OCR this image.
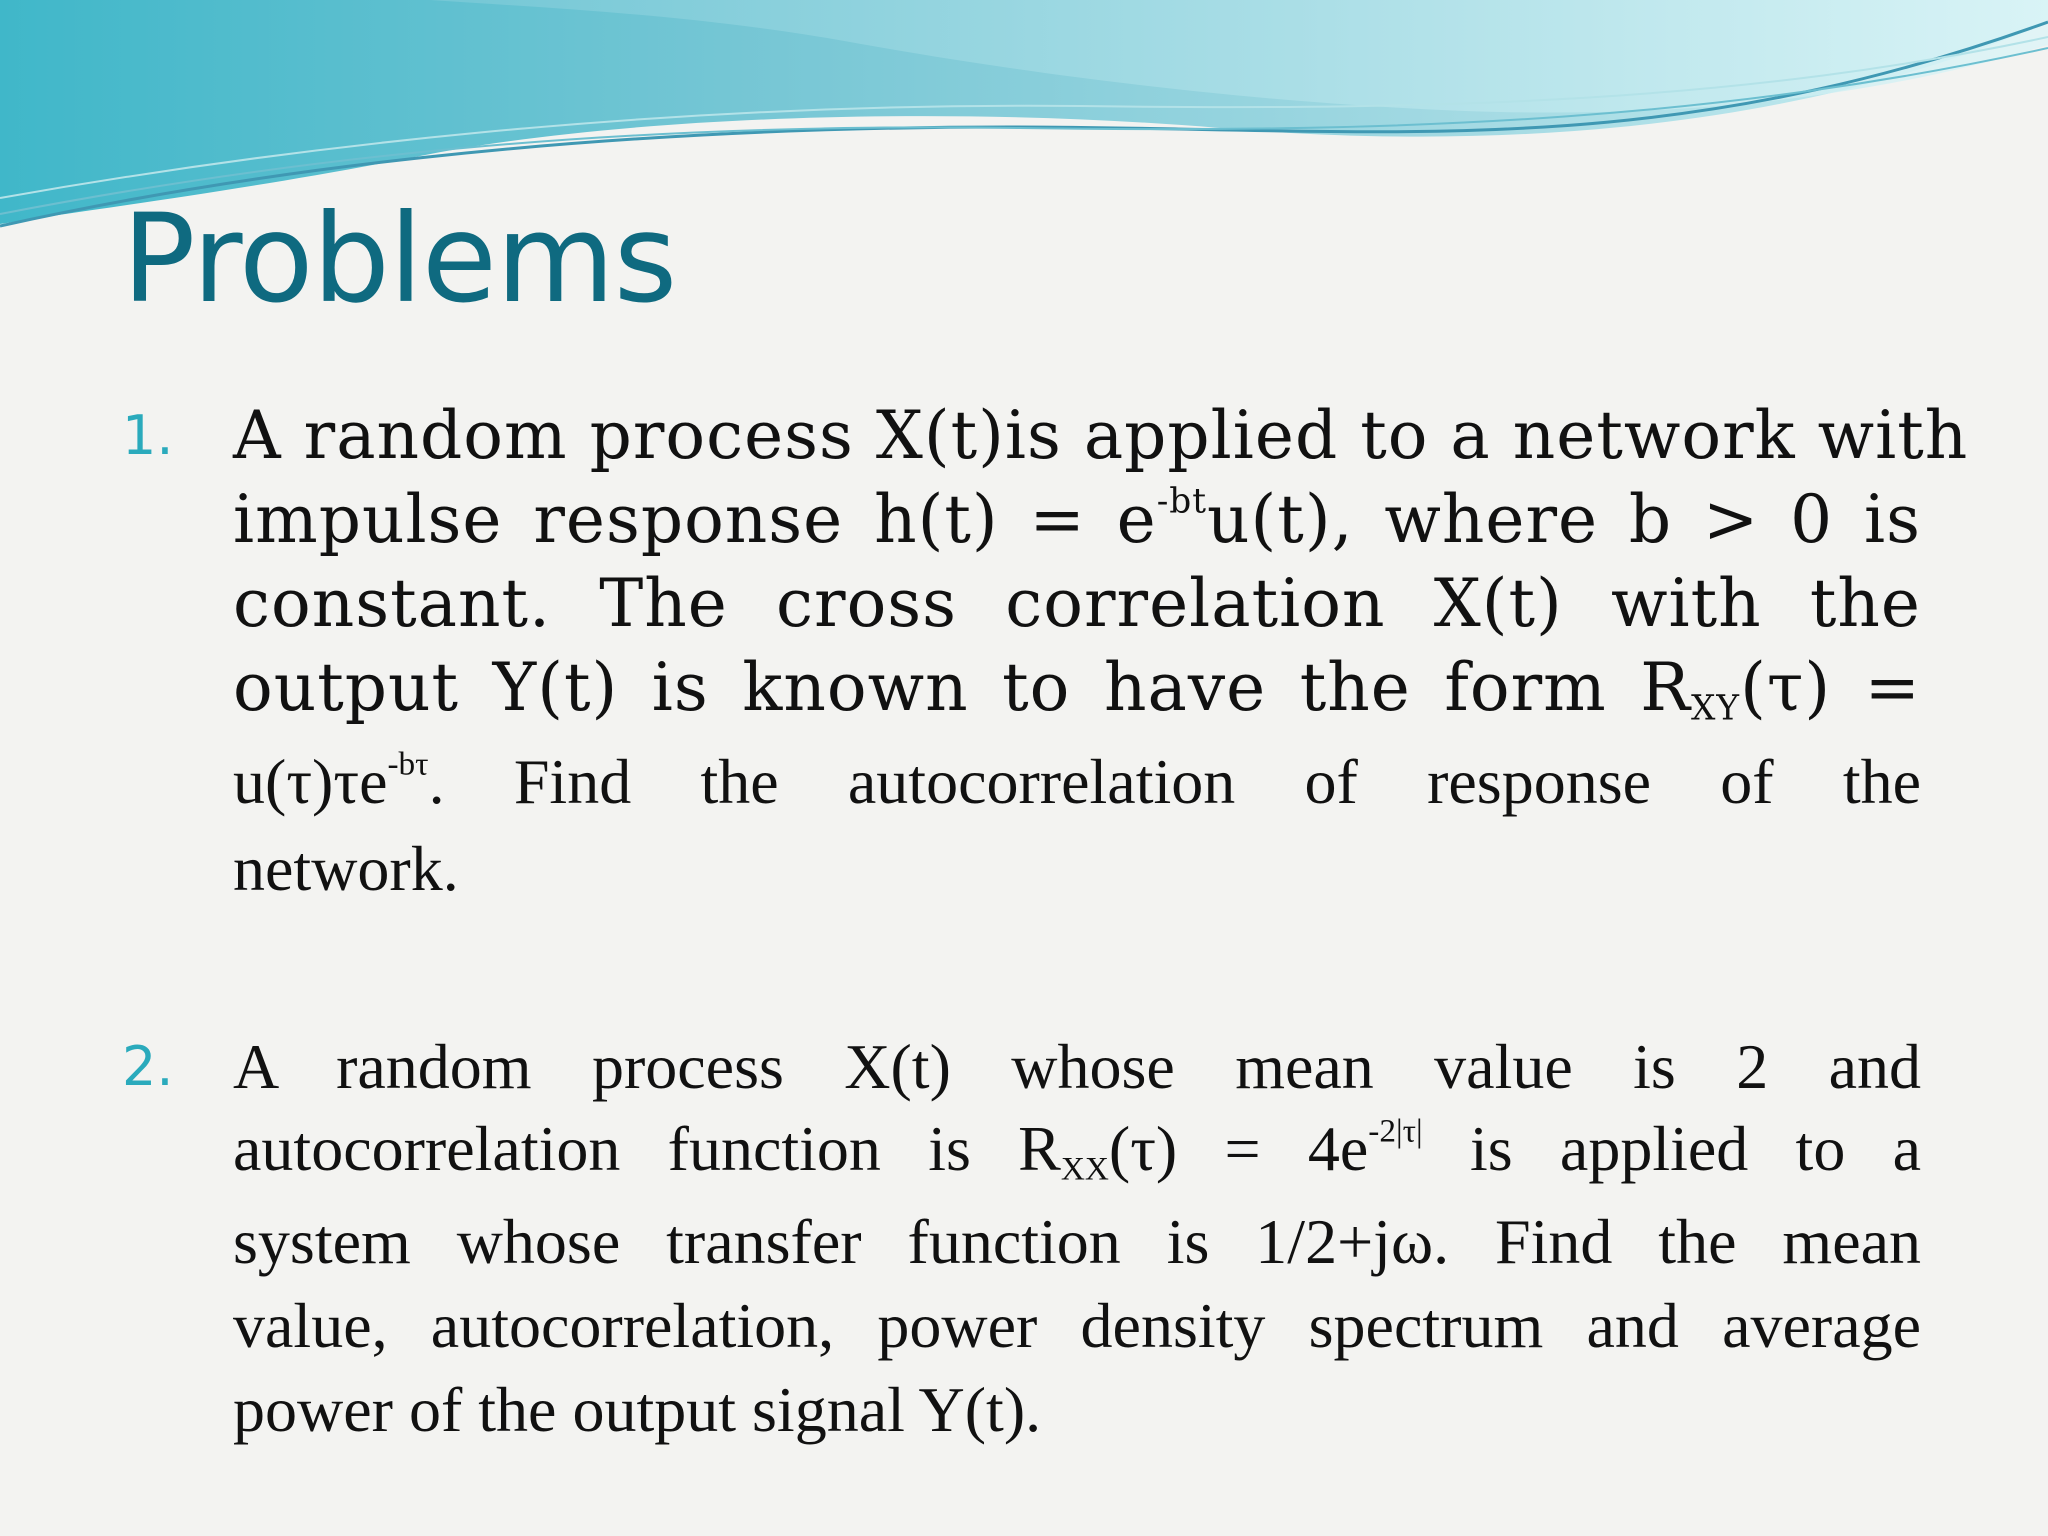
Problems
1. A random process X(t)is applied to a network with

impulse response $h(t) = e^{-bt}u(t)$, where b > 0 is

constant. The cross correlation X(t) with the

output Y(t) is known to have the form $R_{XY}(\tau)$ =

$u(\tau)\tau e^{-b\tau}$. Find the autocorrelation of response of the

network.

2. A random process X(t) whose mean value is 2 and

autocorrelation function is $R_{XX}(\tau) = 4e^{-2|\tau|}$ is applied to a

system whose transfer function is 1/2+jω. Find the mean

value, autocorrelation, power density spectrum and average

power of the output signal Y(t).
